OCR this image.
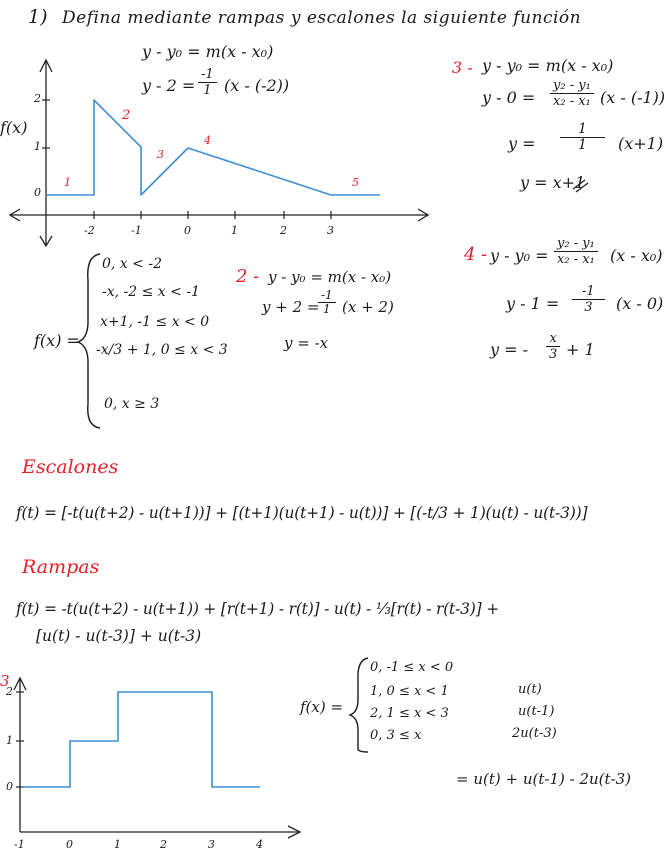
1) Defina mediante rampas y escalones la siguiente función
y - y₀ = m(x - x₀)
$y - 2 = \frac{-1}{1} (x - (-2))$
f(x)
2
1
0
-2	-1	0	1	2	3
1
2
3
4
5
3 - y - y₀ = m(x - x₀)
$y - 0 = \frac{\text{y₂ - y₁}}{\text{x₂ - x₁}} (x - (-1))$
$y = \frac{1}{1} (x+1)$
y = x+1
$4 - y - y_0 = \frac{\text{y₂ - y₁}}{\text{x₂ - x₁}} (x - x_0)$
$y - 1 = \frac{-1}{3} (x - 0)$
y = - $\frac{x}{3} + 1$
2 - y - y₀ = m(x - x₀)
y + 2 =
$\frac{-1}{1} (x + 2)$
y = -x
f(x) =
0, x < -2
-x, -2 ≤ x < -1
x+1, -1 ≤ x < 0
-x/3 + 1, 0 ≤ x < 3
0, x ≥ 3
Escalones
f(t) = [-t(u(t+2) - u(t+1))] + [(t+1)(u(t+1) - u(t))] + [(-t/3 + 1)(u(t) - u(t-3))]
Rampas
f(t) = -t(u(t+2) - u(t+1)) + [r(t+1) - r(t)] - u(t) - ⅓[r(t) - r(t-3)] +
[u(t) - u(t-3)] + u(t-3)
3
2
1
0
-1	0	1	2	3	4
f(x) =
0, -1 ≤ x < 0
1, 0 ≤ x < 1
2, 1 ≤ x < 3
0, 3 ≤ x
u(t)
u(t-1)
2u(t-3)
= u(t) + u(t-1) - 2u(t-3)
